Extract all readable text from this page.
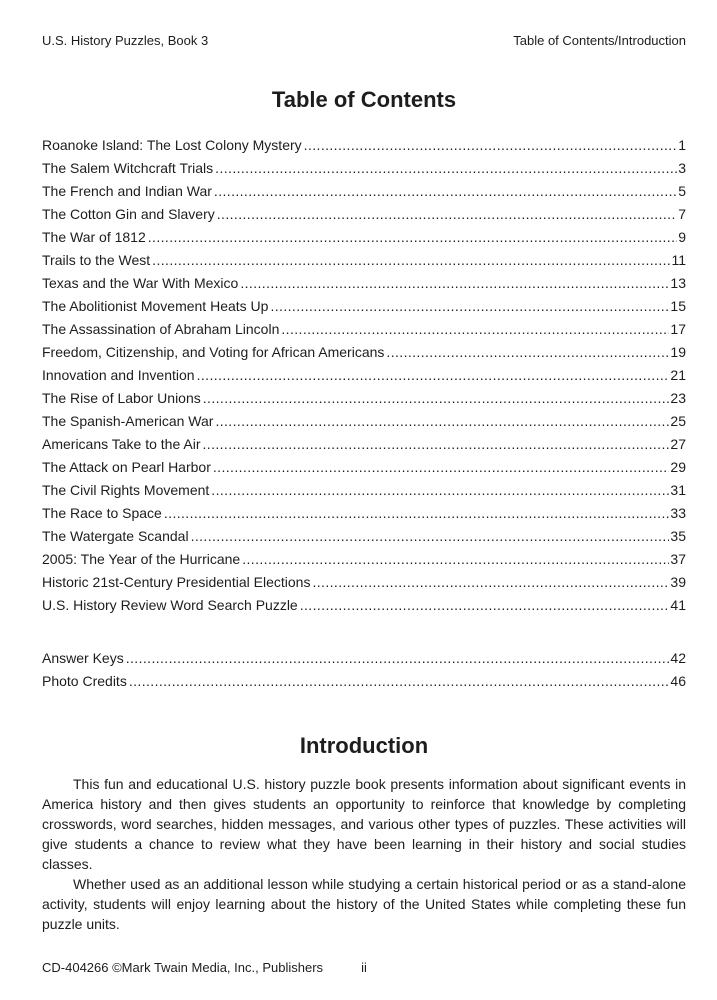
U.S. History Puzzles, Book 3	Table of Contents/Introduction
Table of Contents
Roanoke Island: The Lost Colony Mystery .....	1
The Salem Witchcraft Trials .....	3
The French and Indian War .....	5
The Cotton Gin and Slavery .....	7
The War of 1812 .....	9
Trails to the West .....	11
Texas and the War With Mexico .....	13
The Abolitionist Movement Heats Up .....	15
The Assassination of Abraham Lincoln .....	17
Freedom, Citizenship, and Voting for African Americans .....	19
Innovation and Invention .....	21
The Rise of Labor Unions .....	23
The Spanish-American War .....	25
Americans Take to the Air .....	27
The Attack on Pearl Harbor .....	29
The Civil Rights Movement .....	31
The Race to Space .....	33
The Watergate Scandal .....	35
2005: The Year of the Hurricane .....	37
Historic 21st-Century Presidential Elections .....	39
U.S. History Review Word Search Puzzle .....	41
Answer Keys .....	42
Photo Credits .....	46
Introduction

This fun and educational U.S. history puzzle book presents information about significant events in America history and then gives students an opportunity to reinforce that knowledge by completing crosswords, word searches, hidden messages, and various other types of puzzles. These activities will give students a chance to review what they have been learning in their history and social studies classes.

Whether used as an additional lesson while studying a certain historical period or as a stand-alone activity, students will enjoy learning about the history of the United States while completing these fun puzzle units.

ii
CD-404266 ©Mark Twain Media, Inc., Publishers
